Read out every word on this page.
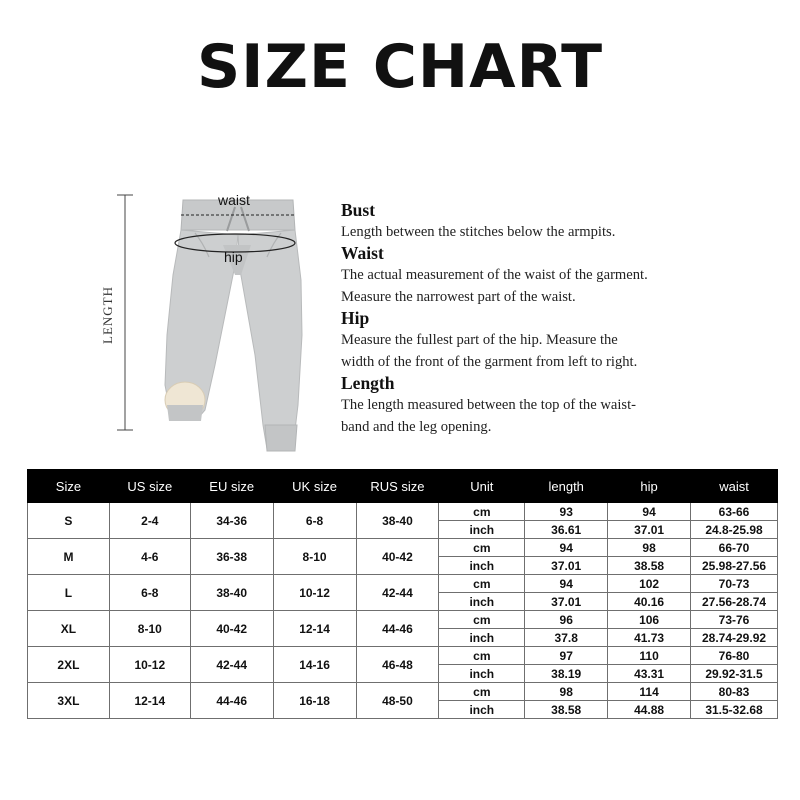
SIZE CHART
LENGTH
waist
hip
Bust
Length between the stitches below the armpits.
Waist
The actual measurement of the waist of the garment.
Measure the narrowest part of the waist.
Hip
Measure the fullest part of the hip. Measure the
width of the front of the garment from left to right.
Length
The length measured between the top of the waist-
band and the leg opening.
Size	US size	EU size	UK size	RUS size	Unit	length	hip	waist
S	2-4	34-36	6-8	38-40	cm	93	94	63-66
					inch	36.61	37.01	24.8-25.98
M	4-6	36-38	8-10	40-42	cm	94	98	66-70
					inch	37.01	38.58	25.98-27.56
L	6-8	38-40	10-12	42-44	cm	94	102	70-73
					inch	37.01	40.16	27.56-28.74
XL	8-10	40-42	12-14	44-46	cm	96	106	73-76
					inch	37.8	41.73	28.74-29.92
2XL	10-12	42-44	14-16	46-48	cm	97	110	76-80
					inch	38.19	43.31	29.92-31.5
3XL	12-14	44-46	16-18	48-50	cm	98	114	80-83
					inch	38.58	44.88	31.5-32.68
